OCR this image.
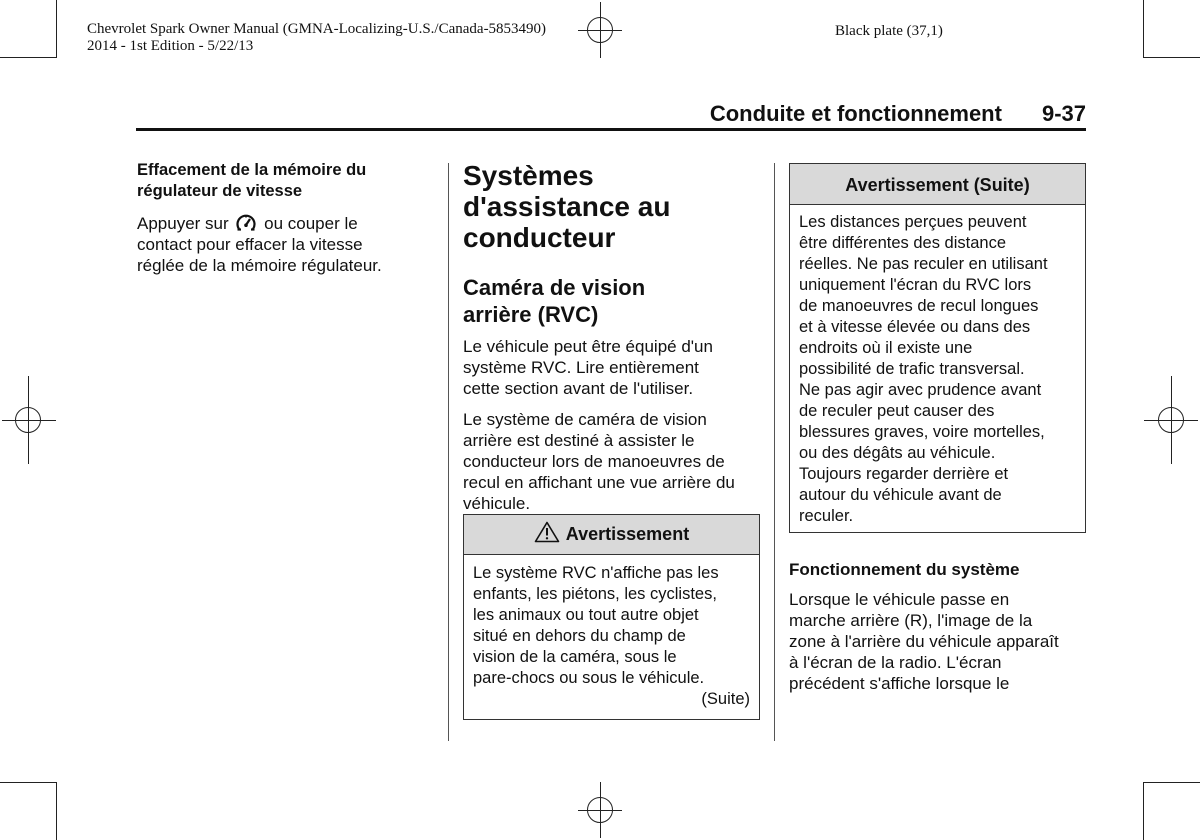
Chevrolet Spark Owner Manual (GMNA-Localizing-U.S./Canada-5853490)
2014 - 1st Edition - 5/22/13
Black plate (37,1)
Conduite et fonctionnement 9-37
Effacement de la mémoire du
régulateur de vitesse
Appuyer sur ou couper le
contact pour effacer la vitesse
réglée de la mémoire régulateur.
Systèmes
d'assistance au
conducteur
Caméra de vision
arrière (RVC)
Le véhicule peut être équipé d'un
système RVC. Lire entièrement
cette section avant de l'utiliser.
Le système de caméra de vision
arrière est destiné à assister le
conducteur lors de manoeuvres de
recul en affichant une vue arrière du
véhicule.
Avertissement
Le système RVC n'affiche pas les
enfants, les piétons, les cyclistes,
les animaux ou tout autre objet
situé en dehors du champ de
vision de la caméra, sous le
pare-chocs ou sous le véhicule.
(Suite)
Avertissement (Suite)
Les distances perçues peuvent
être différentes des distance
réelles. Ne pas reculer en utilisant
uniquement l'écran du RVC lors
de manoeuvres de recul longues
et à vitesse élevée ou dans des
endroits où il existe une
possibilité de trafic transversal.
Ne pas agir avec prudence avant
de reculer peut causer des
blessures graves, voire mortelles,
ou des dégâts au véhicule.
Toujours regarder derrière et
autour du véhicule avant de
reculer.
Fonctionnement du système
Lorsque le véhicule passe en
marche arrière (R), l'image de la
zone à l'arrière du véhicule apparaît
à l'écran de la radio. L'écran
précédent s'affiche lorsque le
